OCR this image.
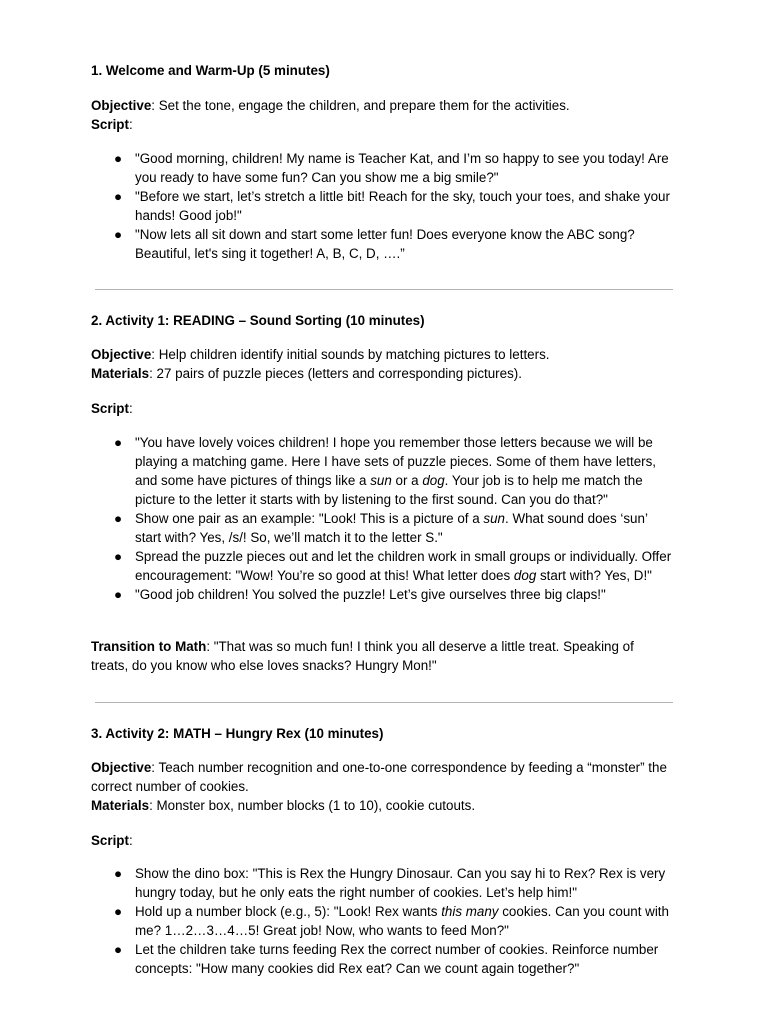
1. Welcome and Warm-Up (5 minutes)

Objective: Set the tone, engage the children, and prepare them for the activities.

Script:

● "Good morning, children! My name is Teacher Kat, and I’m so happy to see you today! Are you ready to have some fun? Can you show me a big smile?"
● "Before we start, let’s stretch a little bit! Reach for the sky, touch your toes, and shake your hands! Good job!"
● "Now lets all sit down and start some letter fun! Does everyone know the ABC song? Beautiful, let's sing it together! A, B, C, D, ….”
2. Activity 1: READING – Sound Sorting (10 minutes)

Objective: Help children identify initial sounds by matching pictures to letters.

Materials: 27 pairs of puzzle pieces (letters and corresponding pictures).

Script:

● "You have lovely voices children! I hope you remember those letters because we will be playing a matching game. Here I have sets of puzzle pieces. Some of them have letters, and some have pictures of things like a sun or a dog. Your job is to help me match the picture to the letter it starts with by listening to the first sound. Can you do that?"
● Show one pair as an example: "Look! This is a picture of a sun. What sound does ‘sun’ start with? Yes, /s/! So, we’ll match it to the letter S."
● Spread the puzzle pieces out and let the children work in small groups or individually. Offer encouragement: "Wow! You’re so good at this! What letter does dog start with? Yes, D!"
● "Good job children! You solved the puzzle! Let’s give ourselves three big claps!"

Transition to Math: "That was so much fun! I think you all deserve a little treat. Speaking of treats, do you know who else loves snacks? Hungry Mon!"

3. Activity 2: MATH – Hungry Rex (10 minutes)

Objective: Teach number recognition and one-to-one correspondence by feeding a “monster” the correct number of cookies.

Materials: Monster box, number blocks (1 to 10), cookie cutouts.

Script:

● Show the dino box: "This is Rex the Hungry Dinosaur. Can you say hi to Rex? Rex is very hungry today, but he only eats the right number of cookies. Let’s help him!"
● Hold up a number block (e.g., 5): "Look! Rex wants this many cookies. Can you count with me? 1…2…3…4…5! Great job! Now, who wants to feed Mon?"
● Let the children take turns feeding Rex the correct number of cookies. Reinforce number concepts: "How many cookies did Rex eat? Can we count again together?"
